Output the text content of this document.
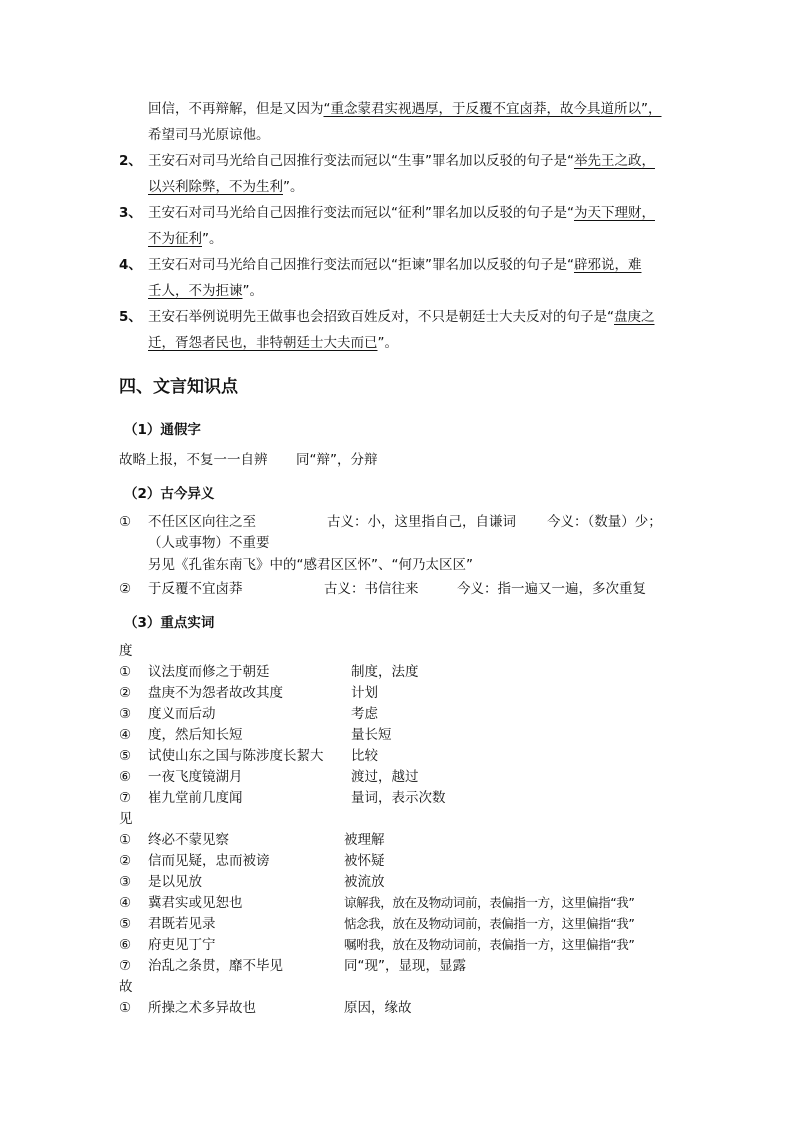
回信，不再辩解，但是又因为“重念蒙君实视遇厚，于反覆不宜卤莽，故今具道所以”，
希望司马光原谅他。
2、 王安石对司马光给自己因推行变法而冠以“生事”罪名加以反驳的句子是“举先王之政，
以兴利除弊，不为生利”。
3、 王安石对司马光给自己因推行变法而冠以“征利”罪名加以反驳的句子是“为天下理财，
不为征利”。
4、 王安石对司马光给自己因推行变法而冠以“拒谏”罪名加以反驳的句子是“辟邪说，难
壬人，不为拒谏”。
5、 王安石举例说明先王做事也会招致百姓反对，不只是朝廷士大夫反对的句子是“盘庚之
迁，胥怨者民也，非特朝廷士大夫而已”。
四、文言知识点
（1）通假字
故略上报，不复一一自辨 同“辩”，分辩
（2）古今异义
① 不任区区向往之至	古义：小，这里指自己，自谦词 今义：（数量）少；
（人或事物）不重要
另见《孔雀东南飞》中的“感君区区怀”、“何乃太区区”
② 于反覆不宜卤莽	古义：书信往来	今义：指一遍又一遍，多次重复
（3）重点实词
度
① 议法度而修之于朝廷	制度，法度
② 盘庚不为怨者故改其度	计划
③ 度义而后动	考虑
④ 度，然后知长短	量长短
⑤ 试使山东之国与陈涉度长絜大 比较
⑥ 一夜飞度镜湖月	渡过，越过
⑦ 崔九堂前几度闻	量词，表示次数
见
① 终必不蒙见察	被理解
② 信而见疑，忠而被谤	被怀疑
③ 是以见放	被流放
④ 冀君实或见恕也	谅解我，放在及物动词前，表偏指一方，这里偏指“我”
⑤ 君既若见录	惦念我，放在及物动词前，表偏指一方，这里偏指“我”
⑥ 府吏见丁宁	嘱咐我，放在及物动词前，表偏指一方，这里偏指“我”
⑦ 治乱之条贯，靡不毕见	同“现”，显现，显露
故
① 所操之术多异故也	原因，缘故
